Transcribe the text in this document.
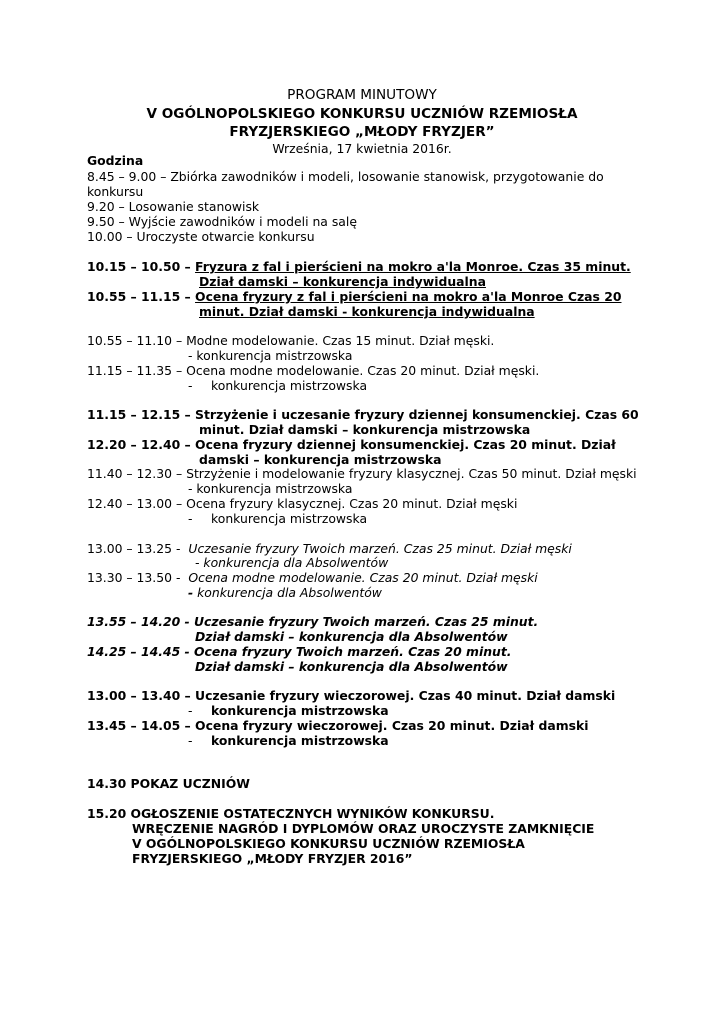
PROGRAM MINUTOWY
V OGÓLNOPOLSKIEGO KONKURSU UCZNIÓW RZEMIOSŁA
FRYZJERSKIEGO „MŁODY FRYZJER”
Września, 17 kwietnia 2016r.
Godzina
8.45 – 9.00 – Zbiórka zawodników i modeli, losowanie stanowisk, przygotowanie do
konkursu
9.20 – Losowanie stanowisk
9.50 – Wyjście zawodników i modeli na salę
10.00 – Uroczyste otwarcie konkursu
10.15 – 10.50 – Fryzura z fal i pierścieni na mokro a'la Monroe. Czas 35 minut.
Dział damski – konkurencja indywidualna
10.55 – 11.15 – Ocena fryzury z fal i pierścieni na mokro a'la Monroe Czas 20
minut. Dział damski - konkurencja indywidualna
10.55 – 11.10 – Modne modelowanie. Czas 15 minut. Dział męski.
- konkurencja mistrzowska
11.15 – 11.35 – Ocena modne modelowanie. Czas 20 minut. Dział męski.
- konkurencja mistrzowska
11.15 – 12.15 – Strzyżenie i uczesanie fryzury dziennej konsumenckiej. Czas 60
minut. Dział damski – konkurencja mistrzowska
12.20 – 12.40 – Ocena fryzury dziennej konsumenckiej. Czas 20 minut. Dział
damski – konkurencja mistrzowska
11.40 – 12.30 – Strzyżenie i modelowanie fryzury klasycznej. Czas 50 minut. Dział męski
- konkurencja mistrzowska
12.40 – 13.00 – Ocena fryzury klasycznej. Czas 20 minut. Dział męski
- konkurencja mistrzowska
13.00 – 13.25 - Uczesanie fryzury Twoich marzeń. Czas 25 minut. Dział męski
- konkurencja dla Absolwentów
13.30 – 13.50 - Ocena modne modelowanie. Czas 20 minut. Dział męski
- konkurencja dla Absolwentów
13.55 – 14.20 - Uczesanie fryzury Twoich marzeń. Czas 25 minut.
Dział damski – konkurencja dla Absolwentów
14.25 – 14.45 - Ocena fryzury Twoich marzeń. Czas 20 minut.
Dział damski – konkurencja dla Absolwentów
13.00 – 13.40 – Uczesanie fryzury wieczorowej. Czas 40 minut. Dział damski
- konkurencja mistrzowska
13.45 – 14.05 – Ocena fryzury wieczorowej. Czas 20 minut. Dział damski
- konkurencja mistrzowska
14.30 POKAZ UCZNIÓW
15.20 OGŁOSZENIE OSTATECZNYCH WYNIKÓW KONKURSU.
WRĘCZENIE NAGRÓD I DYPLOMÓW ORAZ UROCZYSTE ZAMKNIĘCIE
V OGÓLNOPOLSKIEGO KONKURSU UCZNIÓW RZEMIOSŁA
FRYZJERSKIEGO „MŁODY FRYZJER 2016”
